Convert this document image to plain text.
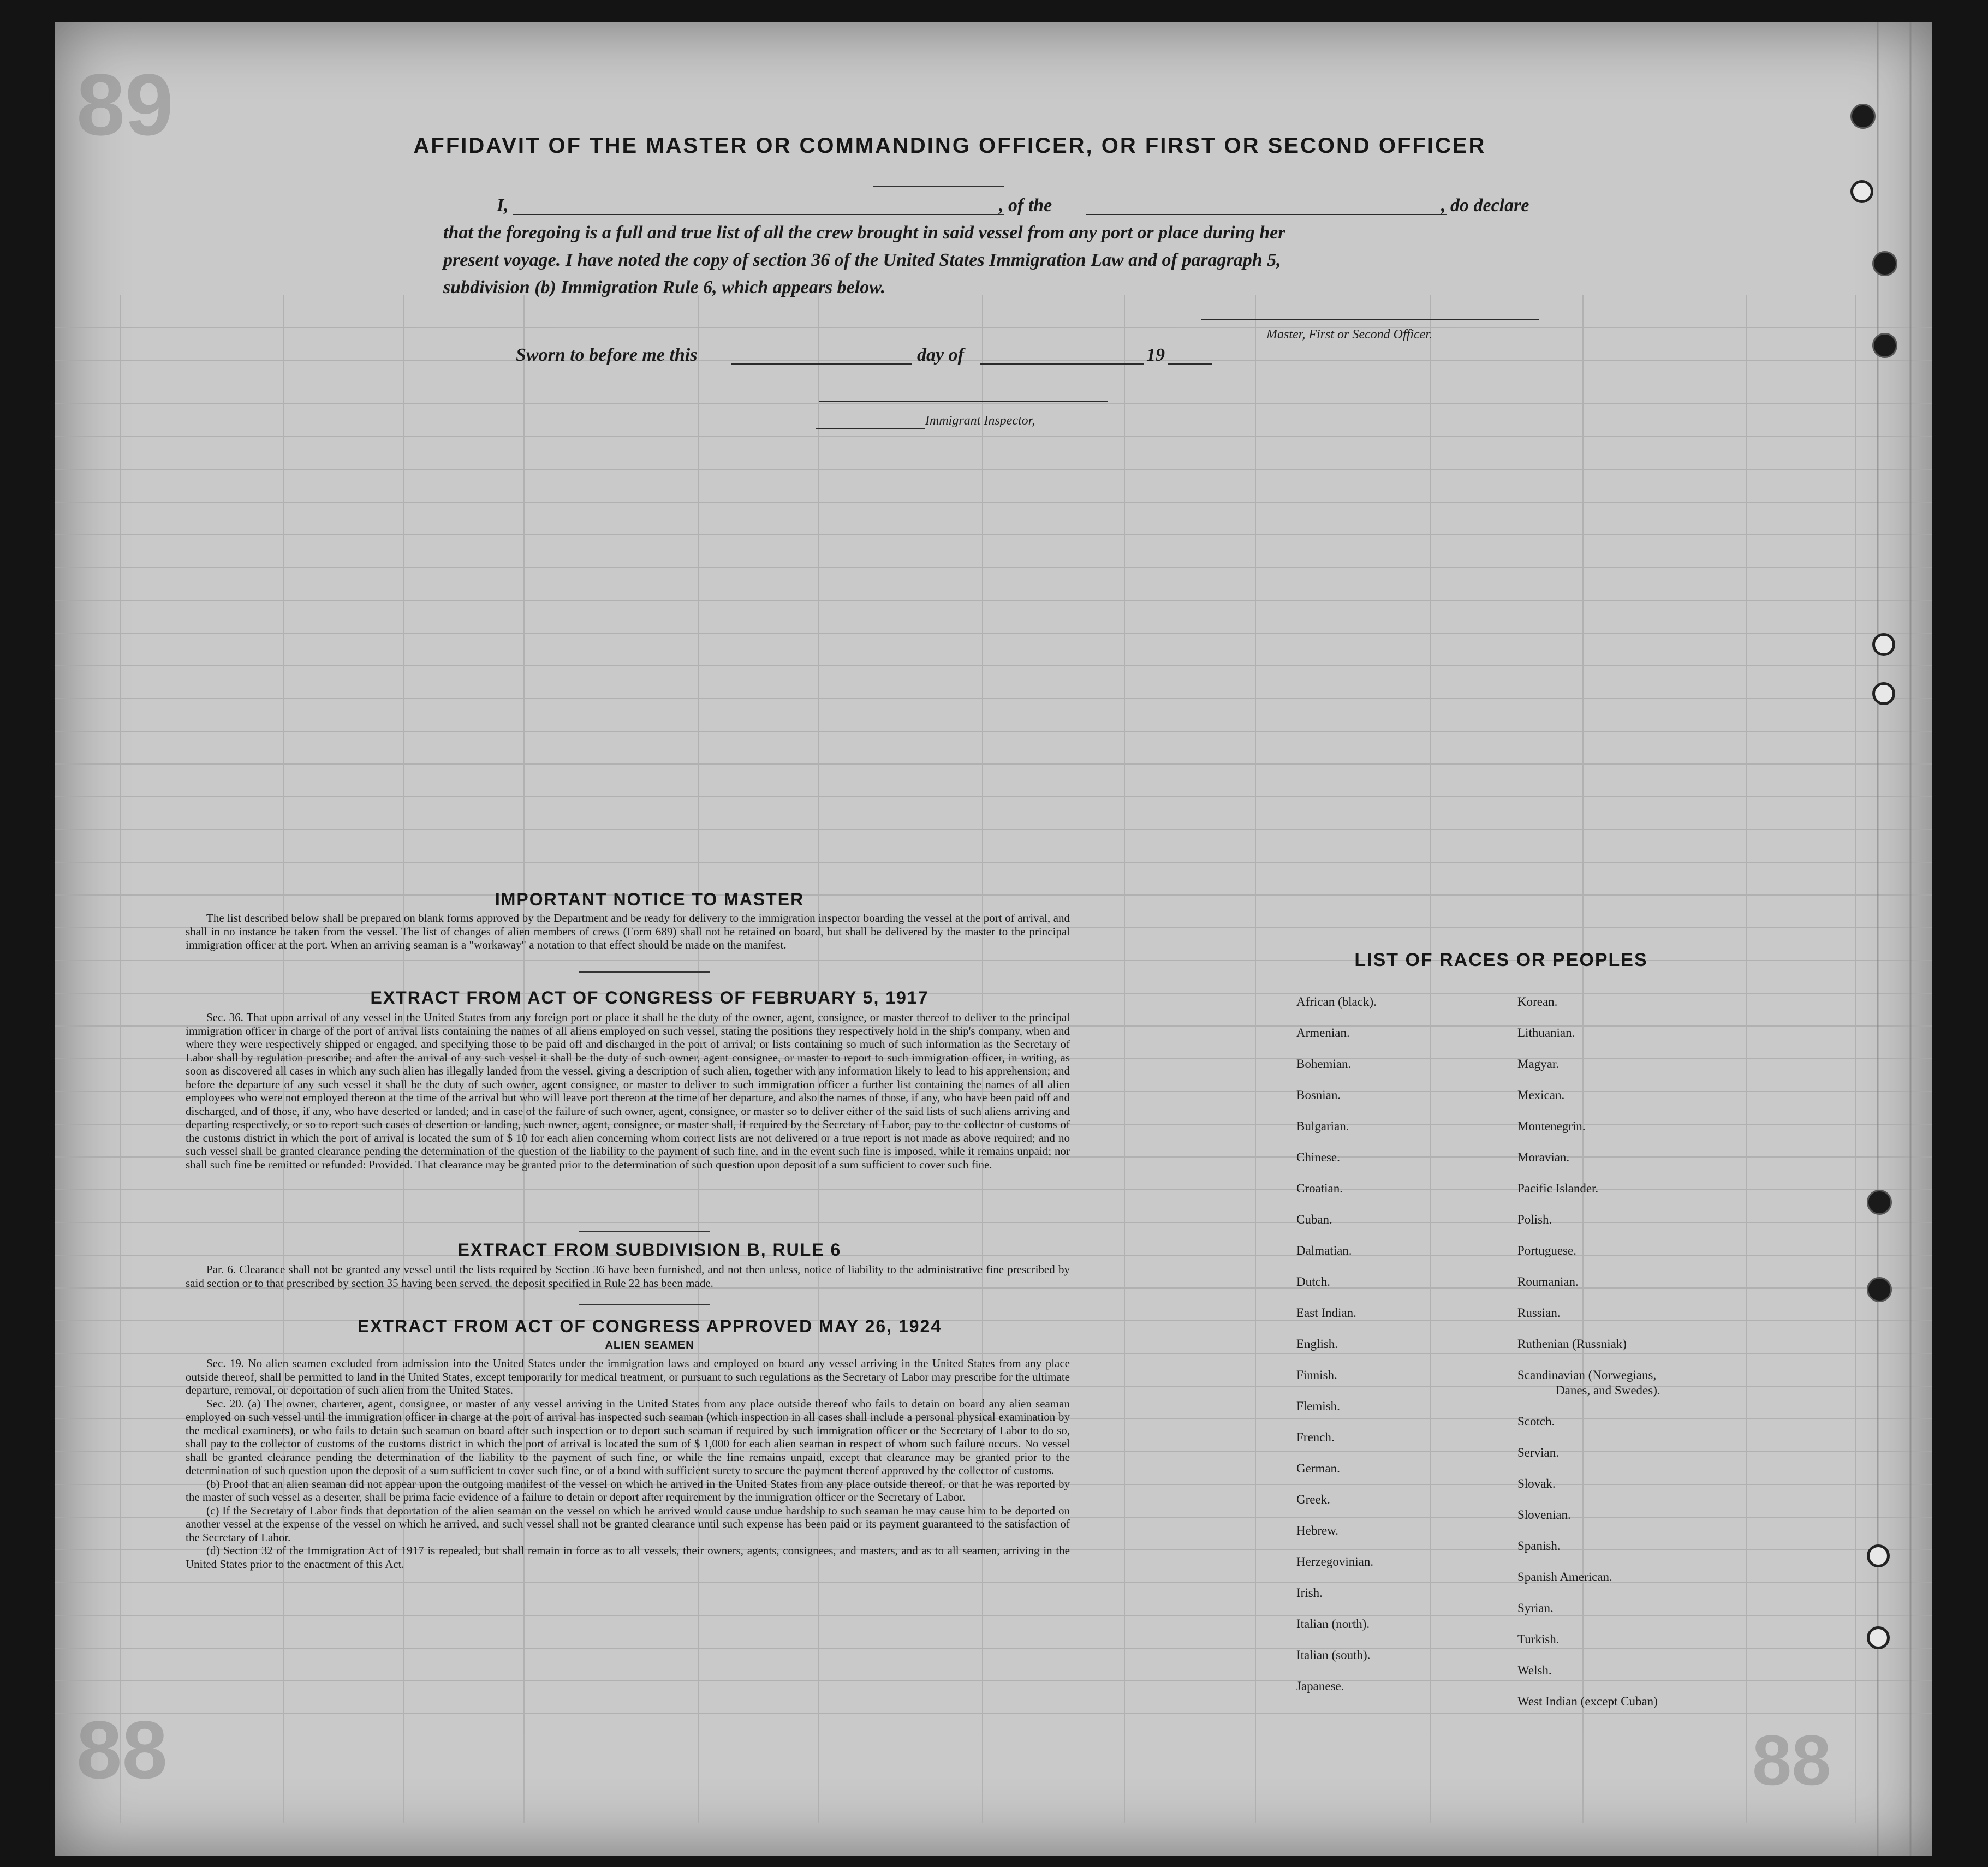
89
88	88
AFFIDAVIT OF THE MASTER OR COMMANDING OFFICER, OR FIRST OR SECOND OFFICER
I,	, of the	, do declare
that the foregoing is a full and true list of all the crew brought in said vessel from any port or place during her
present voyage. I have noted the copy of section 36 of the United States Immigration Law and of paragraph 5,
subdivision (b) Immigration Rule 6, which appears below.
Master, First or Second Officer.
Sworn to before me this	day of	19
Immigrant Inspector,
IMPORTANT NOTICE TO MASTER

The list described below shall be prepared on blank forms approved by the Department and be ready for delivery to the immigration inspector boarding the vessel at the port of arrival, and shall in no instance be taken from the vessel. The list of changes of alien members of crews (Form 689) shall not be retained on board, but shall be delivered by the master to the principal immigration officer at the port. When an arriving seaman is a "workaway" a notation to that effect should be made on the manifest.

EXTRACT FROM ACT OF CONGRESS OF FEBRUARY 5, 1917

Sec. 36. That upon arrival of any vessel in the United States from any foreign port or place it shall be the duty of the owner, agent, consignee, or master thereof to deliver to the principal immigration officer in charge of the port of arrival lists containing the names of all aliens employed on such vessel, stating the positions they respectively hold in the ship's company, when and where they were respectively shipped or engaged, and specifying those to be paid off and discharged in the port of arrival; or lists containing so much of such information as the Secretary of Labor shall by regulation prescribe; and after the arrival of any such vessel it shall be the duty of such owner, agent consignee, or master to report to such immigration officer, in writing, as soon as discovered all cases in which any such alien has illegally landed from the vessel, giving a description of such alien, together with any information likely to lead to his apprehension; and before the departure of any such vessel it shall be the duty of such owner, agent consignee, or master to deliver to such immigration officer a further list containing the names of all alien employees who were not employed thereon at the time of the arrival but who will leave port thereon at the time of her departure, and also the names of those, if any, who have been paid off and discharged, and of those, if any, who have deserted or landed; and in case of the failure of such owner, agent, consignee, or master so to deliver either of the said lists of such aliens arriving and departing respectively, or so to report such cases of desertion or landing, such owner, agent, consignee, or master shall, if required by the Secretary of Labor, pay to the collector of customs of the customs district in which the port of arrival is located the sum of $ 10 for each alien concerning whom correct lists are not delivered or a true report is not made as above required; and no such vessel shall be granted clearance pending the determination of the question of the liability to the payment of such fine, and in the event such fine is imposed, while it remains unpaid; nor shall such fine be remitted or refunded: Provided. That clearance may be granted prior to the determination of such question upon deposit of a sum sufficient to cover such fine.

EXTRACT FROM SUBDIVISION B, RULE 6

Par. 6. Clearance shall not be granted any vessel until the lists required by Section 36 have been furnished, and not then unless, notice of liability to the administrative fine prescribed by said section or to that prescribed by section 35 having been served. the deposit specified in Rule 22 has been made.

EXTRACT FROM ACT OF CONGRESS APPROVED MAY 26, 1924
ALIEN SEAMEN

Sec. 19. No alien seamen excluded from admission into the United States under the immigration laws and employed on board any vessel arriving in the United States from any place outside thereof, shall be permitted to land in the United States, except temporarily for medical treatment, or pursuant to such regulations as the Secretary of Labor may prescribe for the ultimate departure, removal, or deportation of such alien from the United States.

Sec. 20. (a) The owner, charterer, agent, consignee, or master of any vessel arriving in the United States from any place outside thereof who fails to detain on board any alien seaman employed on such vessel until the immigration officer in charge at the port of arrival has inspected such seaman (which inspection in all cases shall include a personal physical examination by the medical examiners), or who fails to detain such seaman on board after such inspection or to deport such seaman if required by such immigration officer or the Secretary of Labor to do so, shall pay to the collector of customs of the customs district in which the port of arrival is located the sum of $ 1,000 for each alien seaman in respect of whom such failure occurs. No vessel shall be granted clearance pending the determination of the liability to the payment of such fine, or while the fine remains unpaid, except that clearance may be granted prior to the determination of such question upon the deposit of a sum sufficient to cover such fine, or of a bond with sufficient surety to secure the payment thereof approved by the collector of customs.

(b) Proof that an alien seaman did not appear upon the outgoing manifest of the vessel on which he arrived in the United States from any place outside thereof, or that he was reported by the master of such vessel as a deserter, shall be prima facie evidence of a failure to detain or deport after requirement by the immigration officer or the Secretary of Labor.

(c) If the Secretary of Labor finds that deportation of the alien seaman on the vessel on which he arrived would cause undue hardship to such seaman he may cause him to be deported on another vessel at the expense of the vessel on which he arrived, and such vessel shall not be granted clearance until such expense has been paid or its payment guaranteed to the satisfaction of the Secretary of Labor.

(d) Section 32 of the Immigration Act of 1917 is repealed, but shall remain in force as to all vessels, their owners, agents, consignees, and masters, and as to all seamen, arriving in the United States prior to the enactment of this Act.

LIST OF RACES OR PEOPLES
African (black).
Armenian.
Bohemian.
Bosnian.
Bulgarian.
Chinese.
Croatian.
Cuban.
Dalmatian.
Dutch.
East Indian.
English.
Finnish.
Flemish.
French.
German.
Greek.
Hebrew.
Herzegovinian.
Irish.
Italian (north).
Italian (south).
Japanese.
Korean.
Lithuanian.
Magyar.
Mexican.
Montenegrin.
Moravian.
Pacific Islander.
Polish.
Portuguese.
Roumanian.
Russian.
Ruthenian (Russniak)
Scandinavian (Norwegians,
Danes, and Swedes).
Scotch.
Servian.
Slovak.
Slovenian.
Spanish.
Spanish American.
Syrian.
Turkish.
Welsh.
West Indian (except Cuban)
